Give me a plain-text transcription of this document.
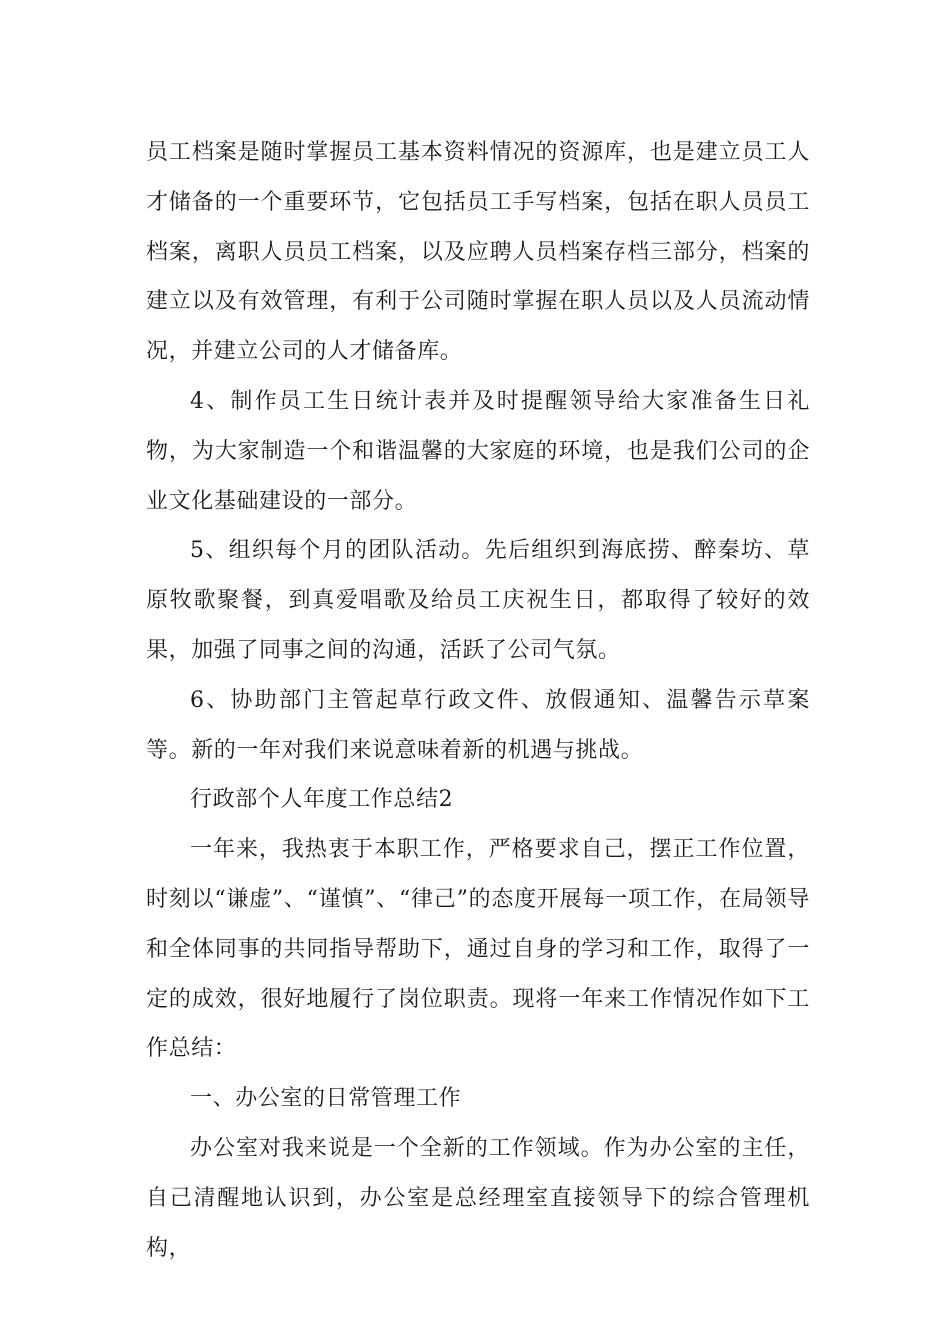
员工档案是随时掌握员工基本资料情况的资源库，也是建立员工人才储备的一个重要环节，它包括员工手写档案，包括在职人员员工档案，离职人员员工档案，以及应聘人员档案存档三部分，档案的建立以及有效管理，有利于公司随时掌握在职人员以及人员流动情况，并建立公司的人才储备库。

4、制作员工生日统计表并及时提醒领导给大家准备生日礼物，为大家制造一个和谐温馨的大家庭的环境，也是我们公司的企业文化基础建设的一部分。

5、组织每个月的团队活动。先后组织到海底捞、醉秦坊、草原牧歌聚餐，到真爱唱歌及给员工庆祝生日，都取得了较好的效果，加强了同事之间的沟通，活跃了公司气氛。

6、协助部门主管起草行政文件、放假通知、温馨告示草案等。新的一年对我们来说意味着新的机遇与挑战。

行政部个人年度工作总结2

一年来，我热衷于本职工作，严格要求自己，摆正工作位置，时刻以“谦虚”、“谨慎”、“律己”的态度开展每一项工作，在局领导和全体同事的共同指导帮助下，通过自身的学习和工作，取得了一定的成效，很好地履行了岗位职责。现将一年来工作情况作如下工作总结：

一、办公室的日常管理工作

办公室对我来说是一个全新的工作领域。作为办公室的主任，自己清醒地认识到，办公室是总经理室直接领导下的综合管理机构，
